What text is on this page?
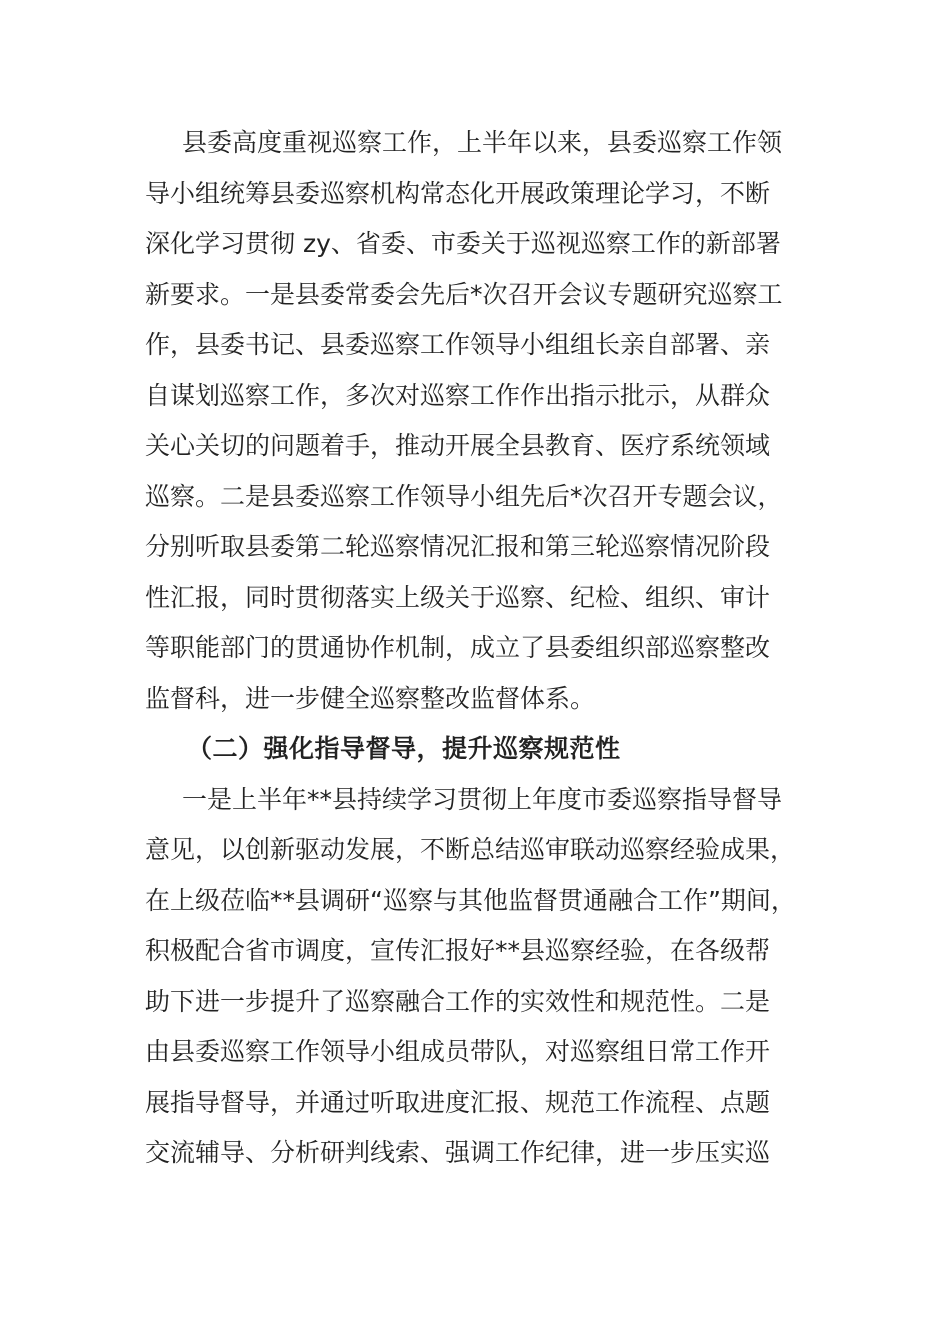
县委高度重视巡察工作，上半年以来，县委巡察工作领
导小组统筹县委巡察机构常态化开展政策理论学习，不断
深化学习贯彻 zy、省委、市委关于巡视巡察工作的新部署
新要求。一是县委常委会先后*次召开会议专题研究巡察工
作，县委书记、县委巡察工作领导小组组长亲自部署、亲
自谋划巡察工作，多次对巡察工作作出指示批示，从群众
关心关切的问题着手，推动开展全县教育、医疗系统领域
巡察。二是县委巡察工作领导小组先后*次召开专题会议，
分别听取县委第二轮巡察情况汇报和第三轮巡察情况阶段
性汇报，同时贯彻落实上级关于巡察、纪检、组织、审计
等职能部门的贯通协作机制，成立了县委组织部巡察整改
监督科，进一步健全巡察整改监督体系。
（二）强化指导督导，提升巡察规范性
一是上半年**县持续学习贯彻上年度市委巡察指导督导
意见，以创新驱动发展，不断总结巡审联动巡察经验成果，
在上级莅临**县调研“巡察与其他监督贯通融合工作”期间，
积极配合省市调度，宣传汇报好**县巡察经验，在各级帮
助下进一步提升了巡察融合工作的实效性和规范性。二是
由县委巡察工作领导小组成员带队，对巡察组日常工作开
展指导督导，并通过听取进度汇报、规范工作流程、点题
交流辅导、分析研判线索、强调工作纪律，进一步压实巡
